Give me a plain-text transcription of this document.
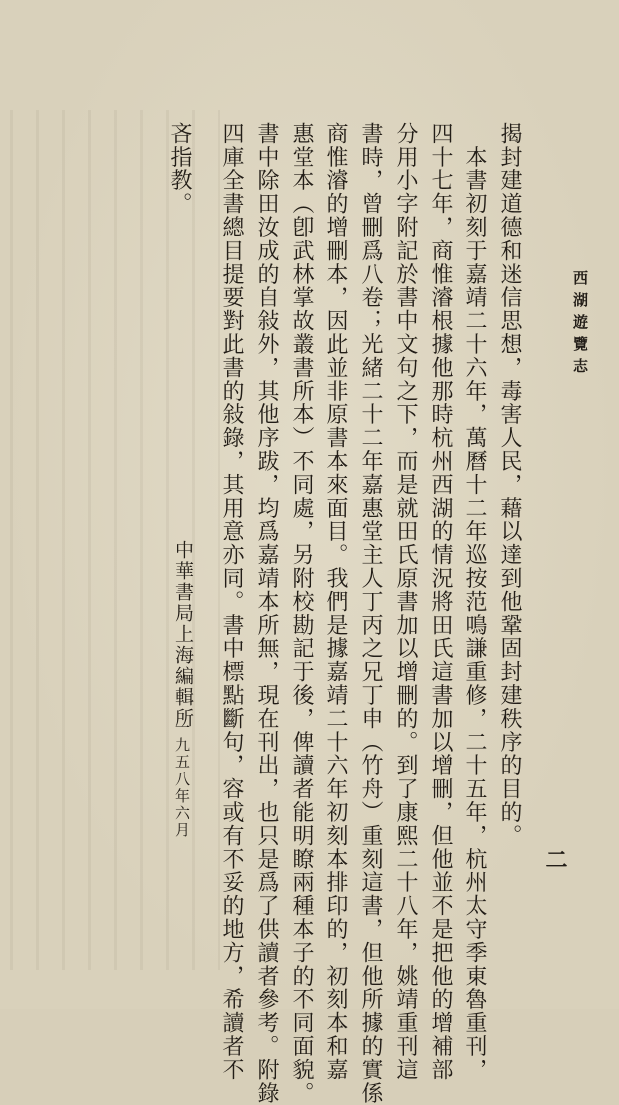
西湖遊覽志
二
揭封建道德和迷信思想，毒害人民，藉以達到他鞏固封建秩序的目的。
　本書初刻于嘉靖二十六年，萬曆十二年巡按范鳴謙重修，二十五年，杭州太守季東魯重刊，
四十七年，商惟濬根據他那時杭州西湖的情況將田氏這書加以增刪，但他並不是把他的增補部
分用小字附記於書中文句之下，而是就田氏原書加以增刪的。到了康熙二十八年，姚靖重刊這
書時，曾刪爲八卷；光緒二十二年嘉惠堂主人丁丙之兄丁申（竹舟）重刻這書，但他所據的實係
商惟濬的增刪本，因此並非原書本來面目。我們是據嘉靖二十六年初刻本排印的，初刻本和嘉
惠堂本（卽武林掌故叢書所本）不同處，另附校勘記于後，俾讀者能明瞭兩種本子的不同面貌。
書中除田汝成的自敍外，其他序跋，均爲嘉靖本所無，現在刊出，也只是爲了供讀者參考。附錄
四庫全書總目提要對此書的敍錄，其用意亦同。書中標點斷句，容或有不妥的地方，希讀者不
吝指教。
中華書局上海編輯所
一九五八年六月
